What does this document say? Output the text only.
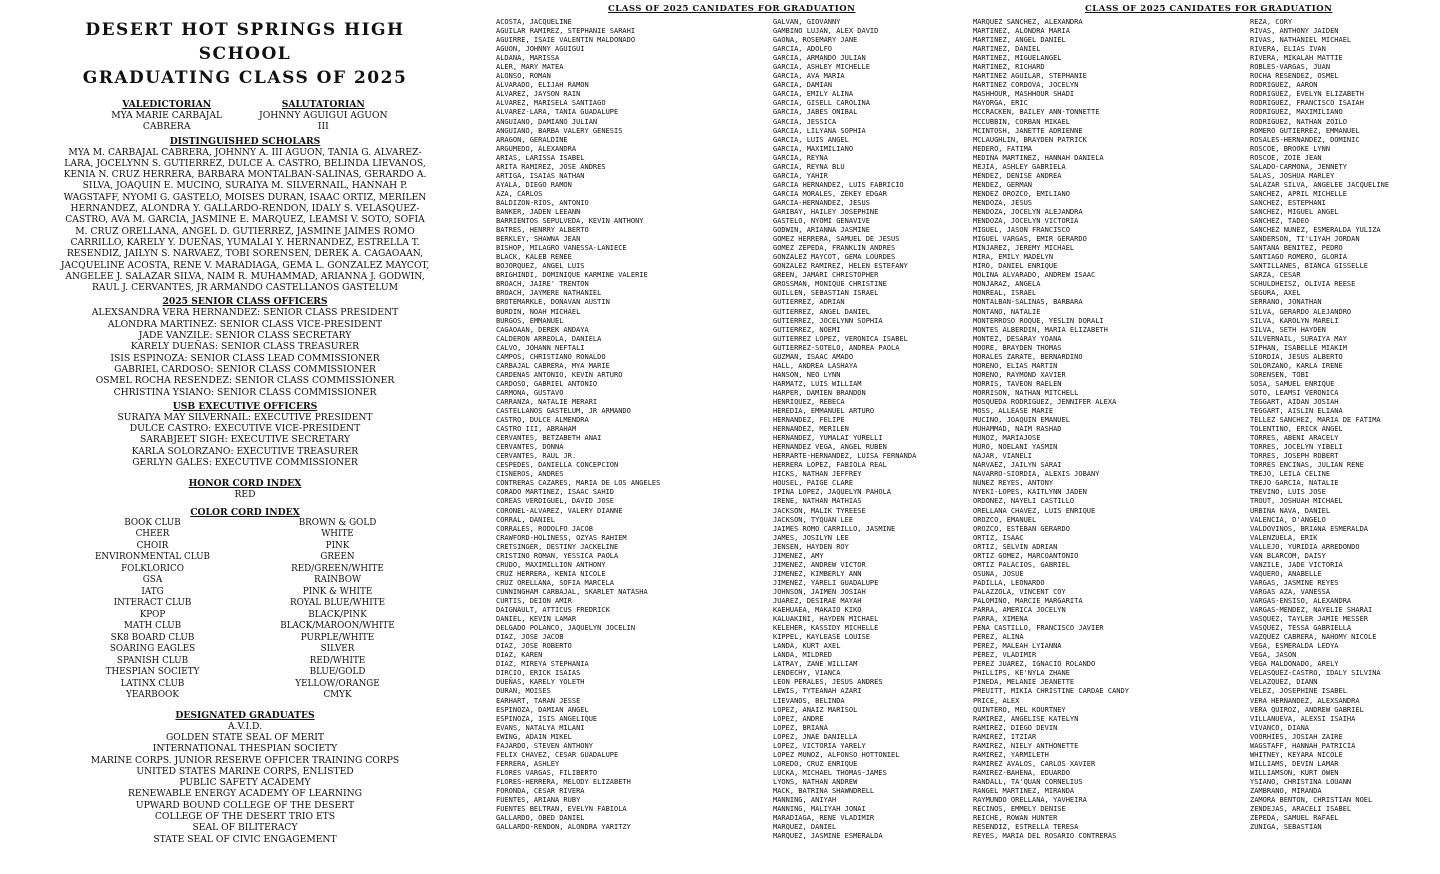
DESERT HOT SPRINGS HIGH SCHOOL
GRADUATING CLASS OF 2025
VALEDICTORIAN
MYA MARIE CARBAJAL CABRERA
SALUTATORIAN
JOHNNY AGUIGUI AGUON III
DISTINGUISHED SCHOLARS
MYA M. CARBAJAL CABRERA, JOHNNY A. III AGUON, TANIA G. ALVAREZ-LARA, JOCELYNN S. GUTIERREZ, DULCE A. CASTRO, BELINDA LIEVANOS, KENIA N. CRUZ HERRERA, BARBARA MONTALBAN-SALINAS, GERARDO A. SILVA, JOAQUIN E. MUCINO, SURAIYA M. SILVERNAIL, HANNAH P. WAGSTAFF, NYOMI G. GASTELO, MOISES DURAN, ISAAC ORTIZ, MERILEN HERNANDEZ, ALONDRA Y. GALLARDO-RENDON, IDALY S. VELASQUEZ-CASTRO, AVA M. GARCIA, JASMINE E. MARQUEZ, LEAMSI V. SOTO, SOFIA M. CRUZ ORELLANA, ANGEL D. GUTIERREZ, JASMINE JAIMES ROMO CARRILLO, KARELY Y. DUEÑAS, YUMALAI Y. HERNANDEZ, ESTRELLA T. RESENDIZ, JAILYN S. NARVAEZ, TOBI SORENSEN, DEREK A. CAGAOAAN, JACQUELINE ACOSTA, RENE V. MARADIAGA, GEMA L. GONZALEZ MAYCOT, ANGELEE J. SALAZAR SILVA, NAIM R. MUHAMMAD, ARIANNA J. GODWIN, RAUL J. CERVANTES, JR ARMANDO CASTELLANOS GASTELUM
2025 SENIOR CLASS OFFICERS
ALEXSANDRA VERA HERNANDEZ: SENIOR CLASS PRESIDENT
ALONDRA MARTINEZ: SENIOR CLASS VICE-PRESIDENT
JADE VANZILE: SENIOR CLASS SECRETARY
KARELY DUEÑAS: SENIOR CLASS TREASURER
ISIS ESPINOZA: SENIOR CLASS LEAD COMMISSIONER
GABRIEL CARDOSO: SENIOR CLASS COMMISSIONER
OSMEL ROCHA RESENDEZ: SENIOR CLASS COMMISSIONER
CHRISTINA YSIANO: SENIOR CLASS COMMISSIONER
USB EXECUTIVE OFFICERS
SURAIYA MAY SILVERNAIL: EXECUTIVE PRESIDENT
DULCE CASTRO: EXECUTIVE VICE-PRESIDENT
SARABJEET SIGH: EXECUTIVE SECRETARY
KARLA SOLORZANO: EXECUTIVE TREASURER
GERLYN GALES: EXECUTIVE COMMISSIONER
HONOR CORD INDEX
RED
COLOR CORD INDEX
BOOK CLUB	BROWN & GOLD
CHEER	WHITE
CHOIR	PINK
ENVIRONMENTAL CLUB	GREEN
FOLKLORICO	RED/GREEN/WHITE
GSA	RAINBOW
IATG	PINK & WHITE
INTERACT CLUB	ROYAL BLUE/WHITE
KPOP	BLACK/PINK
MATH CLUB	BLACK/MAROON/WHITE
SK8 BOARD CLUB	PURPLE/WHITE
SOARING EAGLES	SILVER
SPANISH CLUB	RED/WHITE
THESPIAN SOCIETY	BLUE/GOLD
LATINX CLUB	YELLOW/ORANGE
YEARBOOK	CMYK
DESIGNATED GRADUATES
A.V.I.D.
GOLDEN STATE SEAL OF MERIT
INTERNATIONAL THESPIAN SOCIETY
MARINE CORPS. JUNIOR RESERVE OFFICER TRAINING CORPS
UNITED STATES MARINE CORPS, ENLISTED
PUBLIC SAFETY ACADEMY
RENEWABLE ENERGY ACADEMY OF LEARNING
UPWARD BOUND COLLEGE OF THE DESERT
COLLEGE OF THE DESERT TRIO ETS
SEAL OF BILITERACY
STATE SEAL OF CIVIC ENGAGEMENT
CLASS OF 2025 CANIDATES FOR GRADUATION	CLASS OF 2025 CANIDATES FOR GRADUATION
ACOSTA, JACQUELINE
AGUILAR RAMIREZ, STEPHANIE SARAHI
AGUIRRE, ISAIE VALENTIN MALDONADO
AGUON, JOHNNY AGUIGUI
ALDANA, MARISSA
ALER, MARY MATEA
ALONSO, ROMAN
ALVARADO, ELIJAH RAMON
ALVAREZ, JAYSON RAIN
ALVAREZ, MARISELA SANTIAGO
ALVAREZ-LARA, TANIA GUADALUPE
ANGUIANO, DAMIANO JULIAN
ANGUIANO, BARBA VALERY GENESIS
ARAGON, GERALDINE
ARGUMEDO, ALEXANDRA
ARIAS, LARISSA ISABEL
ARITA RAMIREZ, JOSE ANDRES
ARTIGA, ISAIAS NATHAN
AYALA, DIEGO RAMON
AZA, CARLOS
BALDIZON-RIOS, ANTONIO
BANKER, JADEN LEEANN
BARRIENTOS SEPULVEDA, KEVIN ANTHONY
BATRES, HENRRY ALBERTO
BERKLEY, SHAWNA JEAN
BISHOP, MILAGRO VANESSA-LANIECE
BLACK, KALEB RENEE
BOJORQUEZ, ANGEL LUIS
BRIGHINDI, DOMINIQUE KARMINE VALERIE
BROACH, JAIRE' TRENTON
BROACH, JAYMERE NATHANIEL
BROTEMARKLE, DONAVAN AUSTIN
BURDIN, NOAH MICHAEL
BURGOS, EMMANUEL
CAGAOAAN, DEREK ANDAYA
CALDERON ARREOLA, DANIELA
CALVO, JOHANN NEFTALI
CAMPOS, CHRISTIANO RONALDO
CARBAJAL CABRERA, MYA MARIE
CARDENAS ANTONIO, KEVIN ARTURO
CARDOSO, GABRIEL ANTONIO
CARMONA, GUSTAVO
CARRANZA, NATALIE MERARI
CASTELLANOS GASTELUM, JR ARMANDO
CASTRO, DULCE ALMENDRA
CASTRO III, ABRAHAM
CERVANTES, BETZABETH ANAI
CERVANTES, DONNA
CERVANTES, RAUL JR.
CESPEDES, DANIELLA CONCEPCION
CISNEROS, ANDRES
CONTRERAS CAZARES, MARIA DE LOS ANGELES
CORADO MARTINEZ, ISAAC SAHID
COREAS VERDIGUEL, DAVID JOSE
CORONEL-ALVAREZ, VALERY DIANNE
CORRAL, DANIEL
CORRALES, RODOLFO JACOB
CRAWFORD-HOLINESS, OZYAS RAHIEM
CRETSINGER, DESTINY JACKELINE
CRISTINO ROMAN, YESSICA PAOLA
CRUDO, MAXIMILLION ANTHONY
CRUZ HERRERA, KENIA NICOLE
CRUZ ORELLANA, SOFIA MARCELA
CUNNINGHAM CARBAJAL, SKARLET NATASHA
CURTIS, DEION AMIR
DAIGNAULT, ATTICUS FREDRICK
DANIEL, KEVIN LAMAR
DELGADO POLANCO, JAQUELYN JOCELIN
DIAZ, JOSE JACOB
DIAZ, JOSE ROBERTO
DIAZ, KAREN
DIAZ, MIREYA STEPHANIA
DIRCIO, ERICK ISAIAS
DUEÑAS, KARELY YOLETH
DURAN, MOISES
EARHART, TARAN JESSE
ESPINOZA, DAMIAN ANGEL
ESPINOZA, ISIS ANGELIQUE
EVANS, NATALYA MILANI
EWING, ADAIN MIKEL
FAJARDO, STEVEN ANTHONY
FELIX CHAVEZ, CESAR GUADALUPE
FERRERA, ASHLEY
FLORES VARGAS, FILIBERTO
FLORES-HERRERA, MELODY ELIZABETH
FORONDA, CESAR RIVERA
FUENTES, ARIANA RUBY
FUENTES BELTRAN, EVELYN FABIOLA
GALLARDO, OBED DANIEL
GALLARDO-RENDON, ALONDRA YARITZY
GALVAN, GIOVANNY
GAMBINO LUJAN, ALEX DAVID
GAONA, ROSEMARY JANE
GARCIA, ADOLFO
GARCIA, ARMANDO JULIAN
GARCIA, ASHLEY MICHELLE
GARCIA, AVA MARIA
GARCIA, DAMIAN
GARCIA, EMILY ALINA
GARCIA, GISELL CAROLINA
GARCIA, JABES ONIBAL
GARCIA, JESSICA
GARCIA, LILYANA SOPHIA
GARCIA, LUIS ANGEL
GARCIA, MAXIMILIANO
GARCIA, REYNA
GARCIA, REYNA BLU
GARCIA, YAHIR
GARCIA HERNANDEZ, LUIS FABRICIO
GARCIA MORALES, ZEKEY EDGAR
GARCIA-HERNANDEZ, JESUS
GARIBAY, HAILEY JOSEPHINE
GASTELO, NYOMI GENAVIVE
GODWIN, ARIANNA JASMINE
GOMEZ HERRERA, SAMUEL DE JESUS
GOMEZ ZEPEDA, FRANKLIN ANDRES
GONZALEZ MAYCOT, GEMA LOURDES
GONZALEZ RAMIREZ, HELEN ESTEFANY
GREEN, JAMARI CHRISTOPHER
GROSSMAN, MONIQUE CHRISTINE
GUILLEN, SEBASTIAN ISRAEL
GUTIERREZ, ADRIAN
GUTIERREZ, ANGEL DANIEL
GUTIERREZ, JOCELYNN SOPHIA
GUTIERREZ, NOEMI
GUTIERREZ LOPEZ, VERONICA ISABEL
GUTIERREZ-SOTELO, ANDREA PAOLA
GUZMAN, ISAAC AMADO
HALL, ANDREA LASHAYA
HANSON, NEO LYNN
HARMATZ, LUIS WILLIAM
HARPER, DAMIEN BRANDON
HENRIQUEZ, REBECA
HEREDIA, EMMANUEL ARTURO
HERNANDEZ, FELIPE
HERNANDEZ, MERILEN
HERNANDEZ, YUMALAI YURELLI
HERNANDEZ VEGA, ANGEL RUBEN
HERRARTE-HERNANDEZ, LUISA FERNANDA
HERRERA LOPEZ, FABIOLA REAL
HICKS, NATHAN JEFFREY
HOUSEL, PAIGE CLARE
IPINA LOPEZ, JAQUELYN PAHOLA
IRENE, NATHAN MATHIAS
JACKSON, MALIK TYREESE
JACKSON, TYQUAN LEE
JAIMES ROMO CARRILLO, JASMINE
JAMES, JOSILYN LEE
JENSEN, HAYDEN ROY
JIMENEZ, AMY
JIMENEZ, ANDREW VICTOR
JIMENEZ, KIMBERLY ANN
JIMENEZ, YARELI GUADALUPE
JOHNSON, JAIMEN JOSIAH
JUAREZ, DESIRAE MAYAH
KAEHUAEA, MAKAIO KIKO
KALUAKINI, HAYDEN MICHAEL
KELEHER, KASSIDY MICHELLE
KIPPEL, KAYLEASE LOUISE
LANDA, KURT AXEL
LANDA, MILDRED
LATRAY, ZANE WILLIAM
LENDECHY, VIANCA
LEON PERALES, JESUS ANDRES
LEWIS, TYTEANAH AZARI
LIEVANOS, BELINDA
LOPEZ, ANAIZ MARISOL
LOPEZ, ANDRE
LOPEZ, BRIANA
LOPEZ, JNAE DANIELLA
LOPEZ, VICTORIA YARELY
LOPEZ MUNOZ, ALFONSO HOTTONIEL
LOREDO, CRUZ ENRIQUE
LUCKA, MICHAEL THOMAS-JAMES
LYONS, NATHAN ANDREW
MACK, BATRINA SHAWNDRELL
MANNING, ANIYAH
MANNING, MALIYAH JONAI
MARADIAGA, RENE VLADIMIR
MARQUEZ, DANIEL
MARQUEZ, JASMINE ESMERALDA
MARQUEZ SANCHEZ, ALEXANDRA
MARTINEZ, ALONDRA MARIA
MARTINEZ, ANGEL DANIEL
MARTINEZ, DANIEL
MARTINEZ, MIGUELANGEL
MARTINEZ, RICHARD
MARTINEZ AGUILAR, STEPHANIE
MARTINEZ CORDOVA, JOCELYN
MASHHOUR, MASHHOUR SHADI
MAYORGA, ERIC
MCCRACKEN, BAILEY ANN-TONNETTE
MCCUBBIN, CORBAN MIKAEL
MCINTOSH, JANETTE ADRIENNE
MCLAUGHLIN, BRAYDEN PATRICK
MEDERO, FATIMA
MEDINA MARTINEZ, HANNAH DANIELA
MEJIA, ASHLEY GABRIELA
MENDEZ, DENISE ANDREA
MENDEZ, GERMAN
MENDEZ OROZCO, EMILIANO
MENDOZA, JESUS
MENDOZA, JOCELYN ALEJANDRA
MENDOZA, JOCELYN VICTORIA
MIGUEL, JASON FRANCISCO
MIGUEL VARGAS, EMIR GERARDO
MINJAREZ, JEREMY MICHAEL
MIRA, EMILY MADELYN
MIRO, DANIEL ENRIQUE
MOLINA ALVARADO, ANDREW ISAAC
MONJARAZ, ANGELA
MONREAL, ISRAEL
MONTALBAN-SALINAS, BARBARA
MONTANO, NATALIE
MONTERROSO ROQUE, YESLIN DORALI
MONTES ALBERDIN, MARIA ELIZABETH
MONTEZ, DESARAY YOANA
MOORE, BRAYDEN THOMAS
MORALES ZARATE, BERNARDINO
MORENO, ELIAS MARTIN
MORENO, RAYMOND XAVIER
MORRIS, TAVEON RAELEN
MORRISON, NATHAN MITCHELL
MOSQUEDA RODRIGUEZ, JENNIFER ALEXA
MOSS, ALLEASE MARIE
MUCINO, JOAQUIN EMANUEL
MUHAMMAD, NAIM RASHAD
MUNOZ, MARIAJOSE
MURO, NOELANI YASMIN
NAJAR, VIANELI
NARVAEZ, JAILYN SARAI
NAVARRO-SIORDIA, ALEXIS JOBANY
NUNEZ REYES, ANTONY
NYEKI-LOPES, KAITLYNN JADEN
ORDONEZ, NAYELI CASTILLO
ORELLANA CHAVEZ, LUIS ENRIQUE
OROZCO, EMANUEL
OROZCO, ESTEBAN GERARDO
ORTIZ, ISAAC
ORTIZ, SELVIN ADRIAN
ORTIZ GOMEZ, MARCOANTONIO
ORTIZ PALACIOS, GABRIEL
OSUNA, JOSUE
PADILLA, LEONARDO
PALAZZOLA, VINCENT COY
PALOMINO, MARCIE MARGARITA
PARRA, AMERICA JOCELYN
PARRA, XIMENA
PENA CASTILLO, FRANCISCO JAVIER
PEREZ, ALINA
PEREZ, MALEAH LYIANNA
PEREZ, VLADIMIR
PEREZ JUAREZ, IGNACIO ROLANDO
PHILLIPS, KE'NYLA ZHANE
PINEDA, MELANIE JEANETTE
PREUITT, MIKIA CHRISTINE CARDAE CANDY
PRICE, ALEX
QUINTERO, MEL KOURTNEY
RAMIREZ, ANGELISE KATELYN
RAMIREZ, DIEGO DEVIN
RAMIREZ, ITZIAR
RAMIREZ, NIELY ANTHONETTE
RAMIREZ, YARMILETH
RAMIREZ AVALOS, CARLOS XAVIER
RAMIREZ-BAHENA, EDUARDO
RANDALL, TA'QUAN CORNELIUS
RANGEL MARTINEZ, MIRANDA
RAYMUNDO ORELLANA, YAVHEIRA
RECINOS, EMMELY DENISE
REICHE, ROWAN HUNTER
RESENDIZ, ESTRELLA TERESA
REYES, MARIA DEL ROSARIO CONTRERAS
REZA, CORY
RIVAS, ANTHONY JAIDEN
RIVAS, NATHANIEL MICHAEL
RIVERA, ELIAS IVAN
RIVERA, MIKALAH MATTIE
ROBLES-VARGAS, JUAN
ROCHA RESENDEZ, OSMEL
RODRIGUEZ, AARON
RODRIGUEZ, EVELYN ELIZABETH
RODRIGUEZ, FRANCISCO ISAIAH
RODRIGUEZ, MAXIMILIANO
RODRIGUEZ, NATHAN ZOILO
ROMERO GUTIERREZ, EMMANUEL
ROSALES-HERNANDEZ, DOMINIC
ROSCOE, BROOKE LYNN
ROSCOE, ZOIE JEAN
SALADO-CARMONA, JENNETY
SALAS, JOSHUA MARLEY
SALAZAR SILVA, ANGELEE JACQUELINE
SANCHEZ, APRIL MICHELLE
SANCHEZ, ESTEPHANI
SANCHEZ, MIGUEL ANGEL
SANCHEZ, TADEO
SANCHEZ NUNEZ, ESMERALDA YULIZA
SANDERSON, TI'LIYAH JORDAN
SANTANA BENITEZ, PEDRO
SANTIAGO ROMERO, GLORIA
SANTILLANES, BIANCA GISSELLE
SARZA, CESAR
SCHULDHEISZ, OLIVIA REESE
SEGURA, AXEL
SERRANO, JONATHAN
SILVA, GERARDO ALEJANDRO
SILVA, KAROLYN MARELI
SILVA, SETH HAYDEN
SILVERNAIL, SURAIYA MAY
SIPHAN, ISABELLE MIAKIM
SIORDIA, JESUS ALBERTO
SOLORZANO, KARLA IRENE
SORENSEN, TOBI
SOSA, SAMUEL ENRIQUE
SOTO, LEAMSI VERONICA
TEGGART, AIDAN JOSIAH
TEGGART, AISLIN ELIANA
TELLEZ SANCHEZ, MARIA DE FATIMA
TOLENTINO, ERICK ANGEL
TORRES, ABENI ARACELY
TORRES, JOCELYN YIBELI
TORRES, JOSEPH ROBERT
TORRES ENCINAS, JULIAN RENE
TREJO, LEILA CELINE
TREJO GARCIA, NATALIE
TREVINO, LUIS JOSE
TROUT, JOSHUAH MICHAEL
URBINA NAVA, DANIEL
VALENCIA, D'ANGELO
VALDOVINOS, BRIANA ESMERALDA
VALENZUELA, ERIK
VALLEJO, YURIDIA ARREDONDO
VAN BLARCOM, DAISY
VANZILE, JADE VICTORIA
VAQUERO, ANABELLE
VARGAS, JASMINE REYES
VARGAS AZA, VANESSA
VARGAS-ENSISO, ALEXANDRA
VARGAS-MENDEZ, NAYELIE SHARAI
VASQUEZ, TAYLER JAMIE MESSER
VASQUEZ, TESSA GABRIELLA
VAZQUEZ CABRERA, NAHOMY NICOLE
VEGA, ESMERALDA LEDYA
VEGA, JASON
VEGA MALDONADO, ARELY
VELASQUEZ-CASTRO, IDALY SILVINA
VELAZQUEZ, DIANN
VELEZ, JOSEPHINE ISABEL
VERA HERNANDEZ, ALEXSANDRA
VERA QUIROZ, ANDREW GABRIEL
VILLANUEVA, ALEXSI ISAIHA
VIVANCO, DIANA
VOORHIES, JOSIAH ZAIRE
WAGSTAFF, HANNAH PATRICIA
WHITNEY, KEYARA NICOLE
WILLIAMS, DEVIN LAMAR
WILLIAMSON, KURT OWEN
YSIANO, CHRISTINA LOUANN
ZAMBRANO, MIRANDA
ZAMORA BENTON, CHRISTIAN NOEL
ZENDEJAS, ARACELI ISABEL
ZEPEDA, SAMUEL RAFAEL
ZUNIGA, SEBASTIAN
